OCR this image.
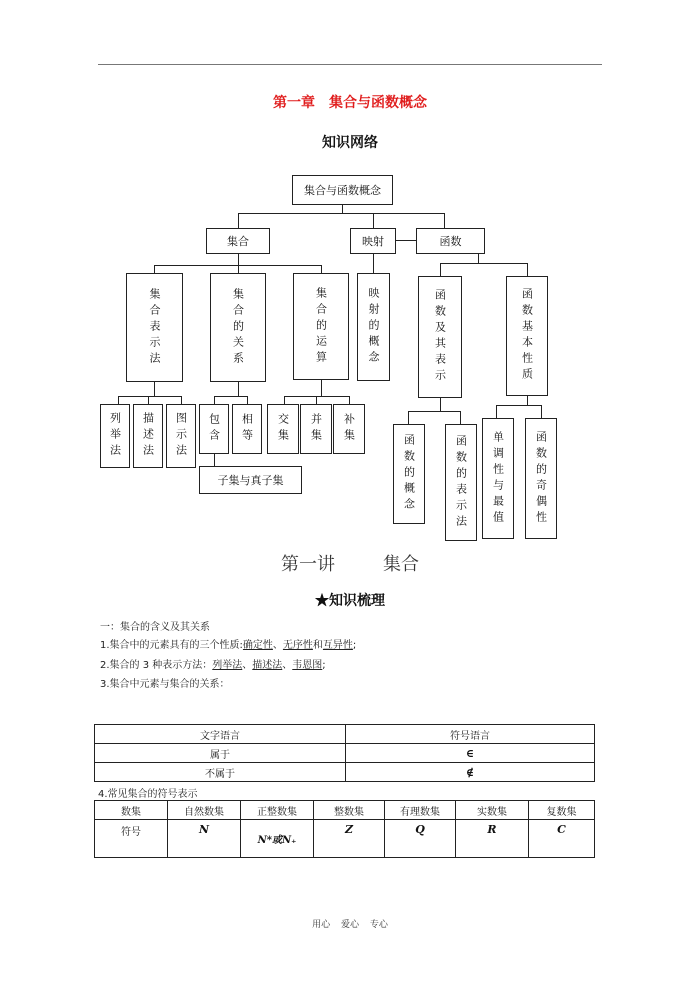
第一章　集合与函数概念
知识网络
集合与函数概念
集合	映射	函数
集合表示法	集合的关系	集合的运算	映射的概念	函数及其表示	函数基本性质
列举法 描述法 图示法 包含 相等
子集与真子集
交集 并集 补集
函数的概念	函数的表示法 单调性与最值	函数的奇偶性
第一讲	集合
★知识梳理
一：集合的含义及其关系
1.集合中的元素具有的三个性质:确定性、无序性和互异性;
2.集合的 3 种表示方法：列举法、描述法、韦恩图;
3.集合中元素与集合的关系：
文字语言	符号语言
属于	∈
不属于	∉
4.常见集合的符号表示
数集	自然数集	正整数集	整数集	有理数集	实数集	复数集
符号	N	N*或N₊	Z	Q	R	C
用心 爱心 专心
